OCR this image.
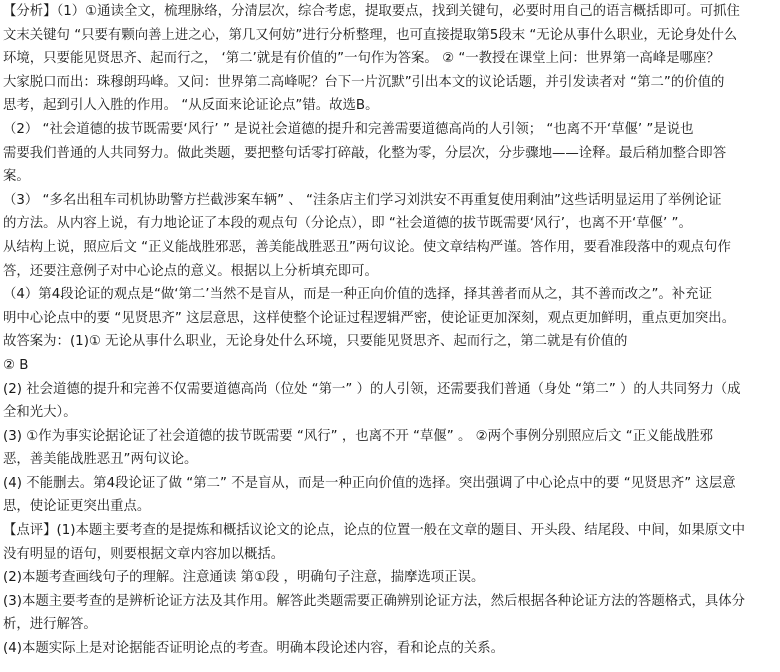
【分析】（1）①通读全文，梳理脉络，分清层次，综合考虑，提取要点，找到关键句，必要时用自己的语言概括即可。可抓住
文末关键句 “只要有颗向善上进之心，第几又何妨”进行分析整理，也可直接提取第5段末 “无论从事什么职业，无论身处什么
环境，只要能见贤思齐、起而行之， ‘第二’就是有价值的”一句作为答案。 ② “一教授在课堂上问：世界第一高峰是哪座？
大家脱口而出：珠穆朗玛峰。又问：世界第二高峰呢？台下一片沉默”引出本文的议论话题，并引发读者对 “第二”的价值的
思考，起到引人入胜的作用。 “从反面来论证论点”错。故选B。
（2） “社会道德的拔节既需要‘风行’ ” 是说社会道德的提升和完善需要道德高尚的人引领； “也离不开‘草偃’ ”是说也
需要我们普通的人共同努力。做此类题，要把整句话零打碎敲，化整为零，分层次，分步骤地——诠释。最后稍加整合即答
案。
（3） “多名出租车司机协助警方拦截涉案车辆” 、 “洼条店主们学习刘洪安不再重复使用剩油”这些话明显运用了举例论证
的方法。从内容上说，有力地论证了本段的观点句（分论点），即 “社会道德的拔节既需要‘风行’，也离不开‘草偃’ ”。
从结构上说，照应后文 “正义能战胜邪恶，善美能战胜恶丑”两句议论。使文章结构严谨。答作用，要看准段落中的观点句作
答，还要注意例子对中心论点的意义。根据以上分析填充即可。
（4）第4段论证的观点是“做‘第二’当然不是盲从，而是一种正向价值的选择，择其善者而从之，其不善而改之”。补充证
明中心论点中的要 “见贤思齐” 这层意思，这样使整个论证过程逻辑严密，使论证更加深刻，观点更加鲜明，重点更加突出。
故答案为：(1)① 无论从事什么职业，无论身处什么环境，只要能见贤思齐、起而行之，第二就是有价值的
② B
(2) 社会道德的提升和完善不仅需要道德高尚（位处 “第一” ）的人引领，还需要我们普通（身处 “第二” ）的人共同努力（成
全和光大）。
(3) ①作为事实论据论证了社会道德的拔节既需要 “风行” ，也离不开 “草偃” 。 ②两个事例分别照应后文 “正义能战胜邪
恶，善美能战胜恶丑”两句议论。
(4) 不能删去。第4段论证了做 “第二” 不是盲从，而是一种正向价值的选择。突出强调了中心论点中的要 “见贤思齐” 这层意
思，使论证更突出重点。
【点评】(1)本题主要考查的是提炼和概括议论文的论点，论点的位置一般在文章的题目、开头段、结尾段、中间，如果原文中
没有明显的语句，则要根据文章内容加以概括。
(2)本题考查画线句子的理解。注意通读 第①段 ，明确句子注意，揣摩选项正误。
(3)本题主要考查的是辨析论证方法及其作用。解答此类题需要正确辨别论证方法，然后根据各种论证方法的答题格式，具体分
析，进行解答。
(4)本题实际上是对论据能否证明论点的考查。明确本段论述内容，看和论点的关系。
